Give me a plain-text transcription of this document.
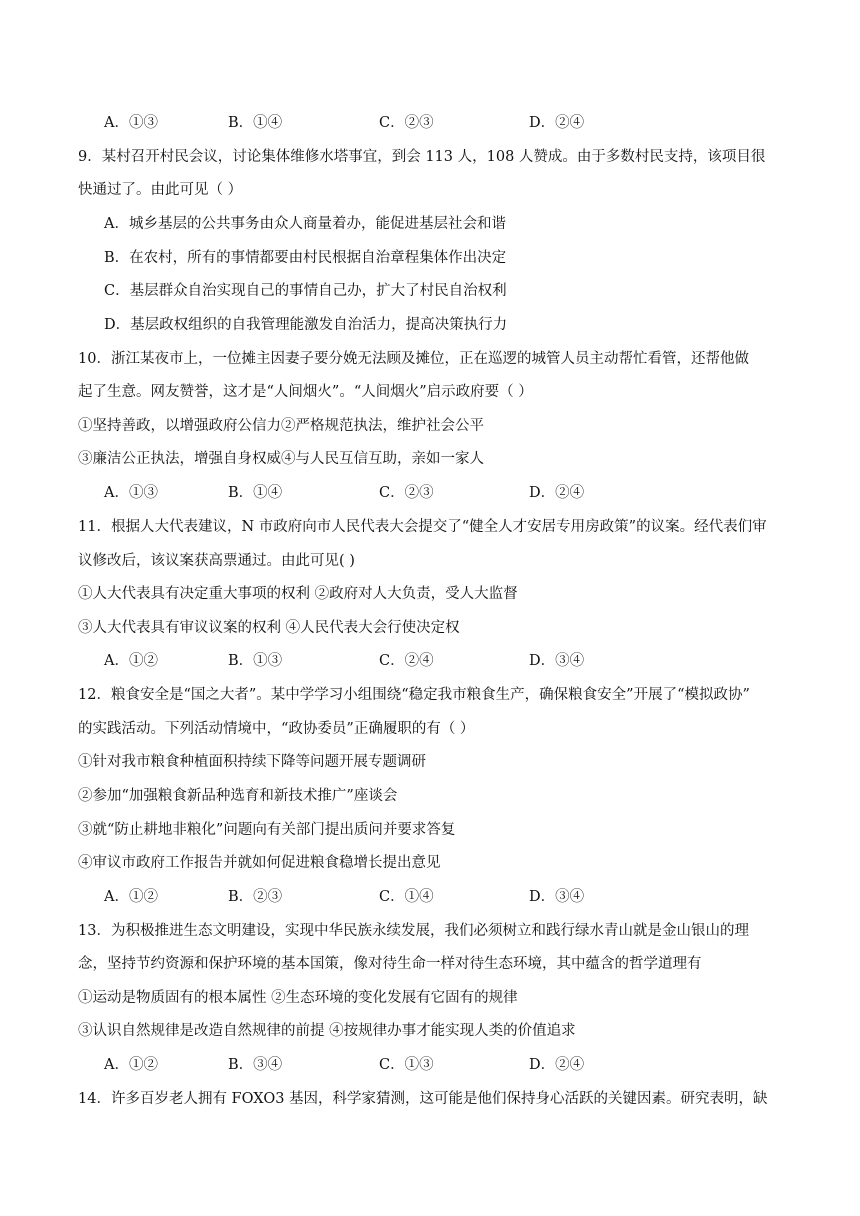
A．①③	B．①④	C．②③	D．②④
9．某村召开村民会议，讨论集体维修水塔事宜，到会 113 人，108 人赞成。由于多数村民支持，该项目很
快通过了。由此可见（ ）
A．城乡基层的公共事务由众人商量着办，能促进基层社会和谐
B．在农村，所有的事情都要由村民根据自治章程集体作出决定
C．基层群众自治实现自己的事情自己办，扩大了村民自治权利
D．基层政权组织的自我管理能激发自治活力，提高决策执行力
10．浙江某夜市上，一位摊主因妻子要分娩无法顾及摊位，正在巡逻的城管人员主动帮忙看管，还帮他做
起了生意。网友赞誉，这才是“人间烟火”。“人间烟火”启示政府要（ ）
①坚持善政，以增强政府公信力②严格规范执法，维护社会公平
③廉洁公正执法，增强自身权威④与人民互信互助，亲如一家人
A．①③	B．①④	C．②③	D．②④
11．根据人大代表建议，N 市政府向市人民代表大会提交了“健全人才安居专用房政策”的议案。经代表们审
议修改后，该议案获高票通过。由此可见( )
①人大代表具有决定重大事项的权利 ②政府对人大负责，受人大监督
③人大代表具有审议议案的权利 ④人民代表大会行使决定权
A．①②	B．①③	C．②④	D．③④
12．粮食安全是“国之大者”。某中学学习小组围绕“稳定我市粮食生产，确保粮食安全”开展了“模拟政协”
的实践活动。下列活动情境中，“政协委员”正确履职的有（ ）
①针对我市粮食种植面积持续下降等问题开展专题调研
②参加“加强粮食新品种选育和新技术推广”座谈会
③就“防止耕地非粮化”问题向有关部门提出质问并要求答复
④审议市政府工作报告并就如何促进粮食稳增长提出意见
A．①②	B．②③	C．①④	D．③④
13．为积极推进生态文明建设，实现中华民族永续发展，我们必须树立和践行绿水青山就是金山银山的理
念，坚持节约资源和保护环境的基本国策，像对待生命一样对待生态环境，其中蕴含的哲学道理有
①运动是物质固有的根本属性 ②生态环境的变化发展有它固有的规律
③认识自然规律是改造自然规律的前提 ④按规律办事才能实现人类的价值追求
A．①②	B．③④	C．①③	D．②④
14．许多百岁老人拥有 FOXO3 基因，科学家猜测，这可能是他们保持身心活跃的关键因素。研究表明，缺
